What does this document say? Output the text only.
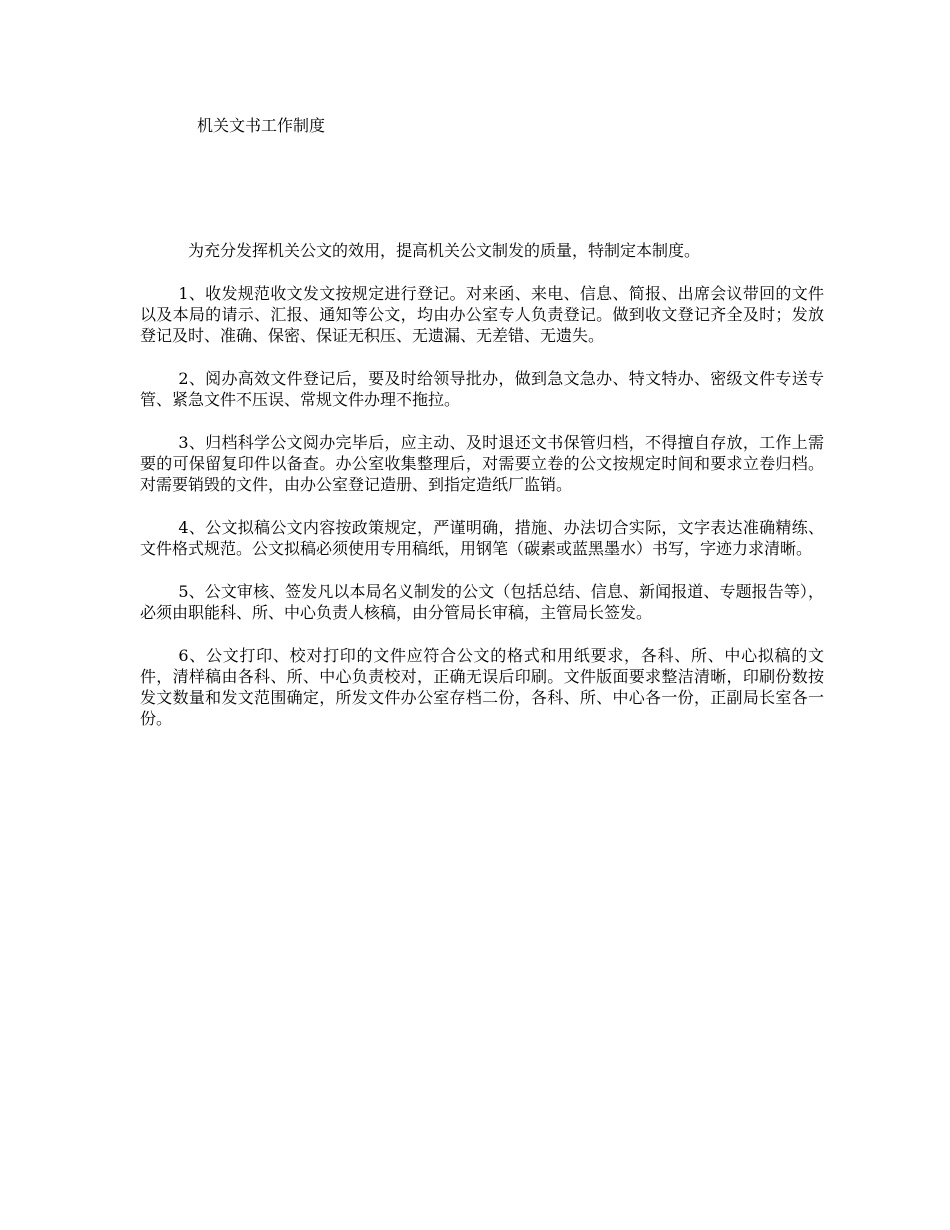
机关文书工作制度

为充分发挥机关公文的效用，提高机关公文制发的质量，特制定本制度。

1、收发规范收文发文按规定进行登记。对来函、来电、信息、简报、出席会议带回的文件以及本局的请示、汇报、通知等公文，均由办公室专人负责登记。做到收文登记齐全及时；发放登记及时、准确、保密、保证无积压、无遗漏、无差错、无遗失。

2、阅办高效文件登记后，要及时给领导批办，做到急文急办、特文特办、密级文件专送专管、紧急文件不压误、常规文件办理不拖拉。

3、归档科学公文阅办完毕后，应主动、及时退还文书保管归档，不得擅自存放，工作上需要的可保留复印件以备查。办公室收集整理后，对需要立卷的公文按规定时间和要求立卷归档。对需要销毁的文件，由办公室登记造册、到指定造纸厂监销。

4、公文拟稿公文内容按政策规定，严谨明确，措施、办法切合实际，文字表达准确精练、文件格式规范。公文拟稿必须使用专用稿纸，用钢笔（碳素或蓝黑墨水）书写，字迹力求清晰。

5、公文审核、签发凡以本局名义制发的公文（包括总结、信息、新闻报道、专题报告等），必须由职能科、所、中心负责人核稿，由分管局长审稿，主管局长签发。

6、公文打印、校对打印的文件应符合公文的格式和用纸要求，各科、所、中心拟稿的文件，清样稿由各科、所、中心负责校对，正确无误后印刷。文件版面要求整洁清晰，印刷份数按发文数量和发文范围确定，所发文件办公室存档二份，各科、所、中心各一份，正副局长室各一份。
